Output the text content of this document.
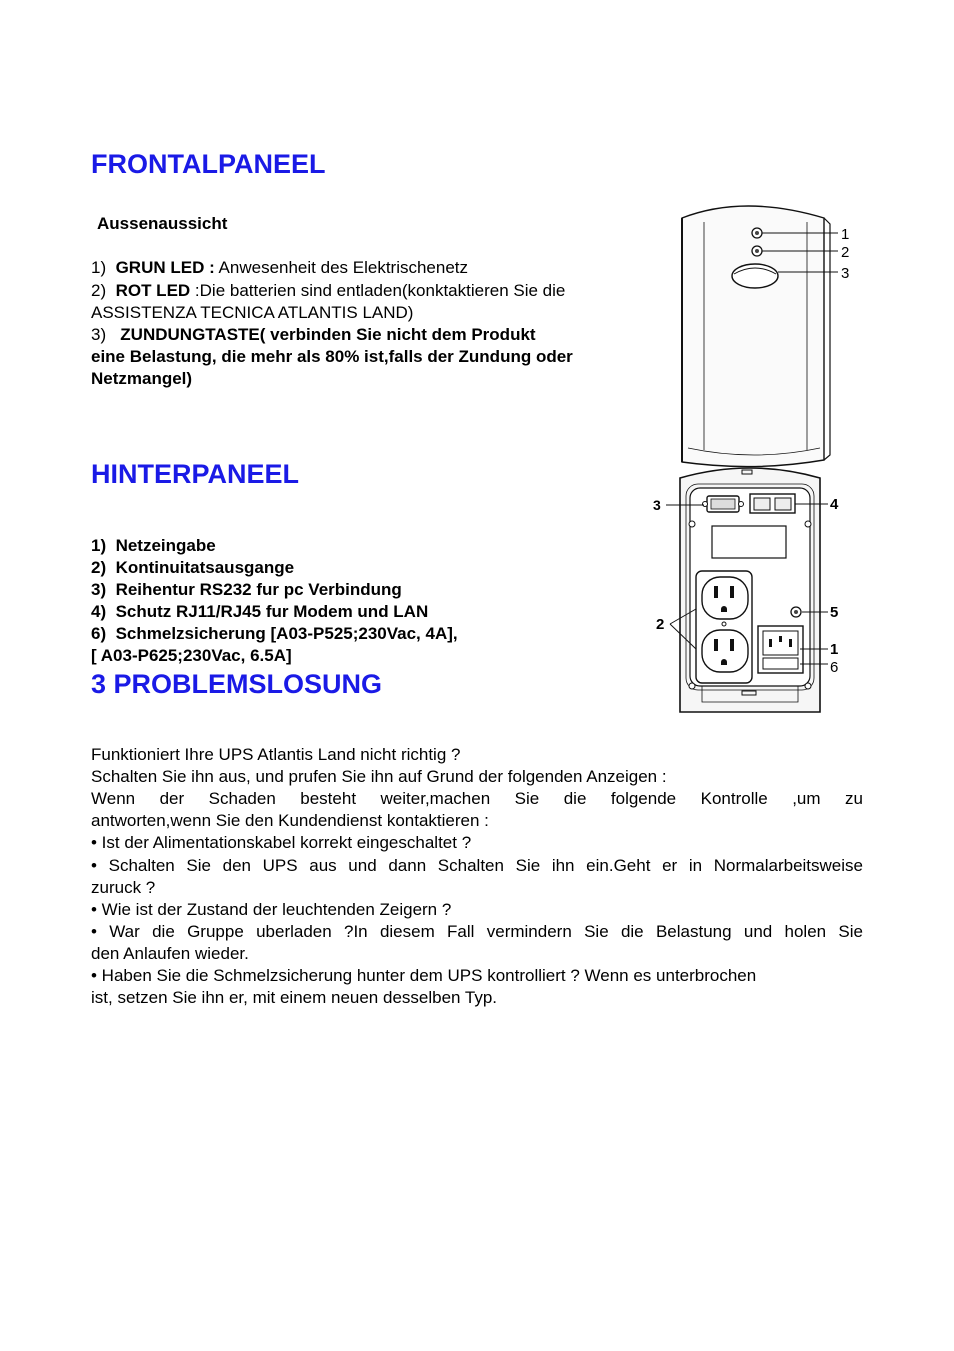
FRONTALPANEEL
Aussenaussicht
1) GRUN LED : Anwesenheit des Elektrischenetz
2) ROT LED :Die batterien sind entladen(konktaktieren Sie die
ASSISTENZA TECNICA ATLANTIS LAND)
3) ZUNDUNGTASTE( verbinden Sie nicht dem Produkt
eine Belastung, die mehr als 80% ist,falls der Zundung oder
Netzmangel)
HINTERPANEEL
1) Netzeingabe
2) Kontinuitatsausgange
3) Reihentur RS232 fur pc Verbindung
4) Schutz RJ11/RJ45 fur Modem und LAN
6) Schmelzsicherung [A03-P525;230Vac, 4A],
[ A03-P625;230Vac, 6.5A]
3 PROBLEMSLOSUNG
Funktioniert Ihre UPS Atlantis Land nicht richtig ?
Schalten Sie ihn aus, und prufen Sie ihn auf Grund der folgenden Anzeigen :
Wenn der Schaden besteht weiter,machen Sie die folgende Kontrolle ,um zu
antworten,wenn Sie den Kundendienst kontaktieren :
• Ist der Alimentationskabel korrekt eingeschaltet ?
• Schalten Sie den UPS aus und dann Schalten Sie ihn ein.Geht er in Normalarbeitsweise
zuruck ?
• Wie ist der Zustand der leuchtenden Zeigern ?
• War die Gruppe uberladen ?In diesem Fall vermindern Sie die Belastung und holen Sie
den Anlaufen wieder.
• Haben Sie die Schmelzsicherung hunter dem UPS kontrolliert ? Wenn es unterbrochen
ist, setzen Sie ihn er, mit einem neuen desselben Typ.
1
2
3
3	4
5
1
6
2
